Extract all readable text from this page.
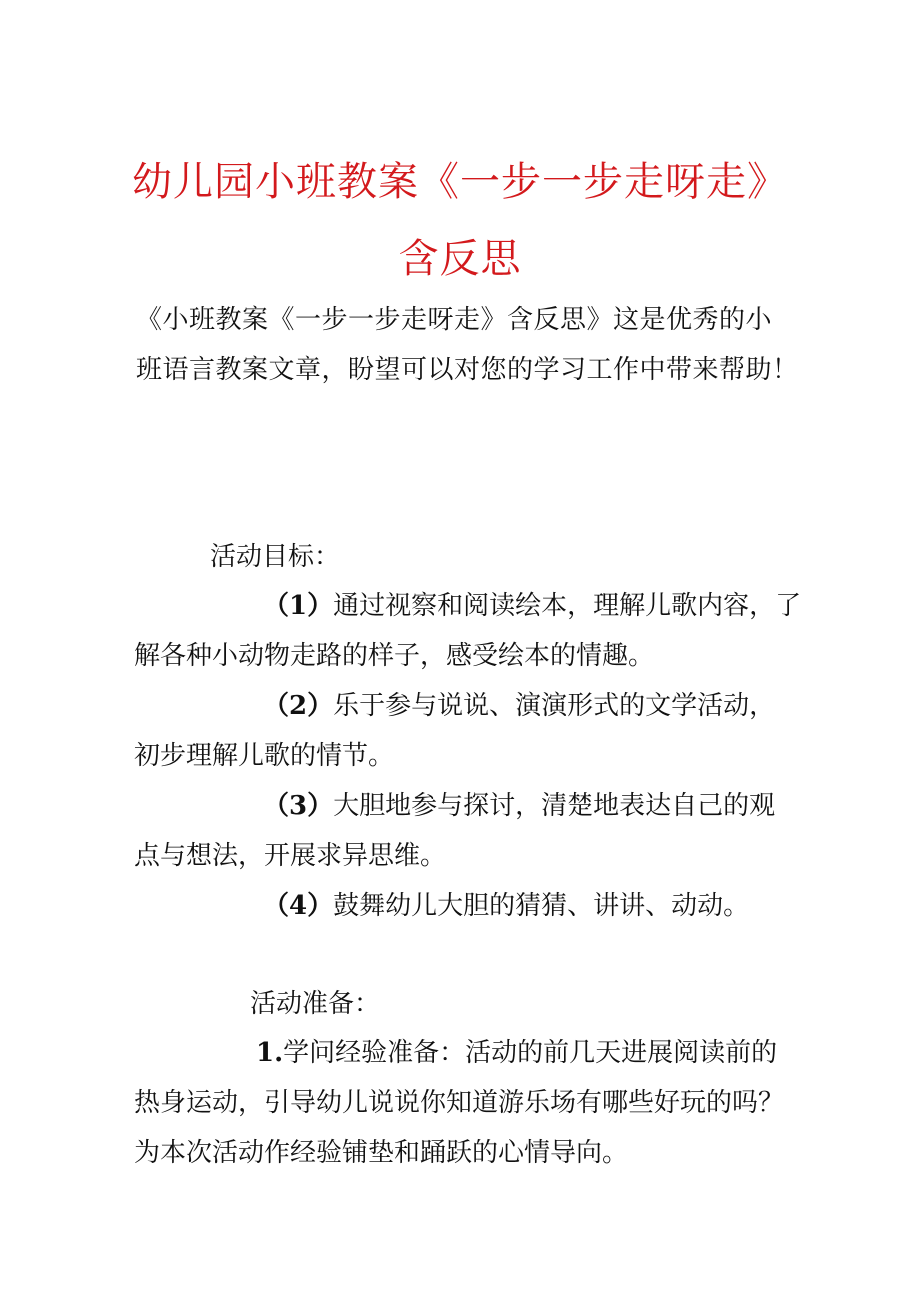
幼儿园小班教案《一步一步走呀走》
含反思
《小班教案《一步一步走呀走》含反思》这是优秀的小
班语言教案文章，盼望可以对您的学习工作中带来帮助！
活动目标：
（1）通过视察和阅读绘本，理解儿歌内容，了
解各种小动物走路的样子，感受绘本的情趣。
（2）乐于参与说说、演演形式的文学活动，
初步理解儿歌的情节。
（3）大胆地参与探讨，清楚地表达自己的观
点与想法，开展求异思维。
（4）鼓舞幼儿大胆的猜猜、讲讲、动动。
活动准备：
1.学问经验准备：活动的前几天进展阅读前的
热身运动，引导幼儿说说你知道游乐场有哪些好玩的吗？
为本次活动作经验铺垫和踊跃的心情导向。
